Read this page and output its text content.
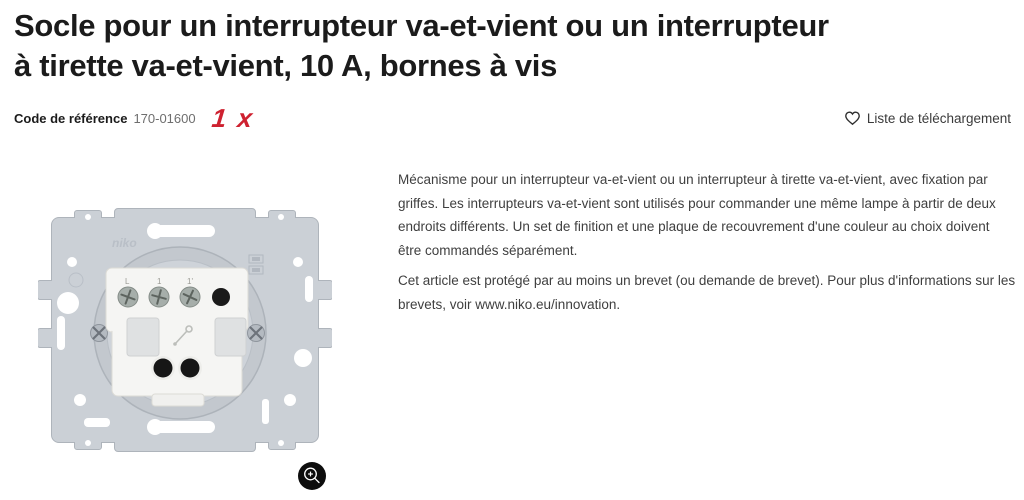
Socle pour un interrupteur va-et-vient ou un interrupteur
à tirette va-et-vient, 10 A, bornes à vis
Code de référence 170-01600 1 x	Liste de téléchargement

Mécanisme pour un interrupteur va-et-vient ou un interrupteur à tirette va-et-vient, avec fixation par griffes. Les interrupteurs va-et-vient sont utilisés pour commander une même lampe à partir de deux endroits différents. Un set de finition et une plaque de recouvrement d'une couleur au choix doivent être commandés séparément.

Cet article est protégé par au moins un brevet (ou demande de brevet). Pour plus d'informations sur les brevets, voir www.niko.eu/innovation.

niko
L	1	1'
